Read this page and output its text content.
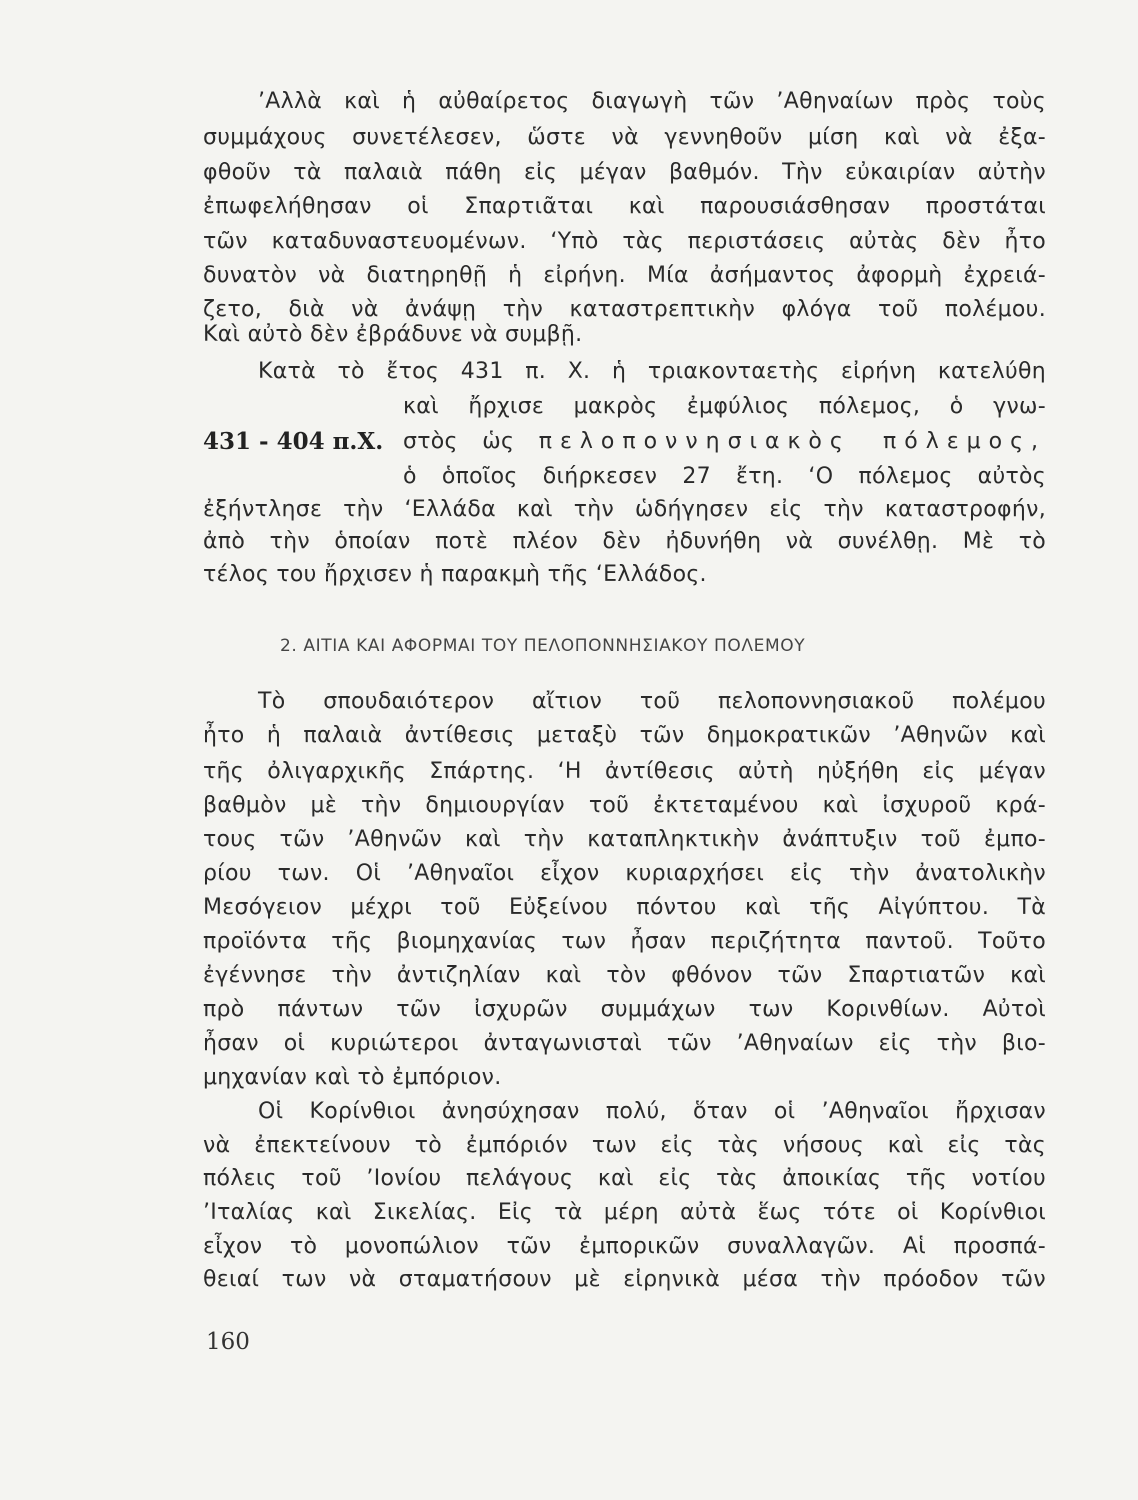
’Αλλὰ καὶ ἡ αὐθαίρετος διαγωγὴ τῶν ’Αθηναίων πρὸς τοὺς
συμμάχους συνετέλεσεν, ὥστε νὰ γεννηθοῦν μίση καὶ νὰ ἐξα-
φθοῦν τὰ παλαιὰ πάθη εἰς μέγαν βαθμόν. Τὴν εὐκαιρίαν αὐτὴν
ἐπωφελήθησαν οἱ Σπαρτιᾶται καὶ παρουσιάσθησαν προστάται
τῶν καταδυναστευομένων. ‘Υπὸ τὰς περιστάσεις αὐτὰς δὲν ἦτο
δυνατὸν νὰ διατηρηθῇ ἡ εἰρήνη. Μία ἀσήμαντος ἀφορμὴ ἐχρειά-
ζετο, διὰ νὰ ἀνάψῃ τὴν καταστρεπτικὴν φλόγα τοῦ πολέμου.
Καὶ αὐτὸ δὲν ἐβράδυνε νὰ συμβῇ.
Κατὰ τὸ ἔτος 431 π. Χ. ἡ τριακονταετὴς εἰρήνη κατελύθη
καὶ ἤρχισε μακρὸς ἐμφύλιος πόλεμος, ὁ γνω-
431 - 404 π.Χ. στὸς ὡς πελοποννησιακὸς πόλεμος,
ὁ ὁποῖος διήρκεσεν 27 ἔτη. ‘Ο πόλεμος αὐτὸς
ἐξήντλησε τὴν ‘Ελλάδα καὶ τὴν ὡδήγησεν εἰς τὴν καταστροφήν,
ἀπὸ τὴν ὁποίαν ποτὲ πλέον δὲν ἠδυνήθη νὰ συνέλθῃ. Μὲ τὸ
τέλος του ἤρχισεν ἡ παρακμὴ τῆς ‘Ελλάδος.
2. ΑΙΤΙΑ ΚΑΙ ΑΦΟΡΜΑΙ ΤΟΥ ΠΕΛΟΠΟΝΝΗΣΙΑΚΟΥ ΠΟΛΕΜΟΥ
Τὸ σπουδαιότερον αἴτιον τοῦ πελοποννησιακοῦ πολέμου
ἦτο ἡ παλαιὰ ἀντίθεσις μεταξὺ τῶν δημοκρατικῶν ’Αθηνῶν καὶ
τῆς ὀλιγαρχικῆς Σπάρτης. ‘Η ἀντίθεσις αὐτὴ ηὐξήθη εἰς μέγαν
βαθμὸν μὲ τὴν δημιουργίαν τοῦ ἐκτεταμένου καὶ ἰσχυροῦ κρά-
τους τῶν ’Αθηνῶν καὶ τὴν καταπληκτικὴν ἀνάπτυξιν τοῦ ἐμπο-
ρίου των. Οἱ ’Αθηναῖοι εἶχον κυριαρχήσει εἰς τὴν ἀνατολικὴν
Μεσόγειον μέχρι τοῦ Εὐξείνου πόντου καὶ τῆς Αἰγύπτου. Τὰ
προϊόντα τῆς βιομηχανίας των ἦσαν περιζήτητα παντοῦ. Τοῦτο
ἐγέννησε τὴν ἀντιζηλίαν καὶ τὸν φθόνον τῶν Σπαρτιατῶν καὶ
πρὸ πάντων τῶν ἰσχυρῶν συμμάχων των Κορινθίων. Αὐτοὶ
ἦσαν οἱ κυριώτεροι ἀνταγωνισταὶ τῶν ’Αθηναίων εἰς τὴν βιο-
μηχανίαν καὶ τὸ ἐμπόριον.
Οἱ Κορίνθιοι ἀνησύχησαν πολύ, ὅταν οἱ ’Αθηναῖοι ἤρχισαν
νὰ ἐπεκτείνουν τὸ ἐμπόριόν των εἰς τὰς νήσους καὶ εἰς τὰς
πόλεις τοῦ ’Ιονίου πελάγους καὶ εἰς τὰς ἀποικίας τῆς νοτίου
’Ιταλίας καὶ Σικελίας. Εἰς τὰ μέρη αὐτὰ ἕως τότε οἱ Κορίνθιοι
εἶχον τὸ μονοπώλιον τῶν ἐμπορικῶν συναλλαγῶν. Αἱ προσπά-
θειαί των νὰ σταματήσουν μὲ εἰρηνικὰ μέσα τὴν πρόοδον τῶν
160
